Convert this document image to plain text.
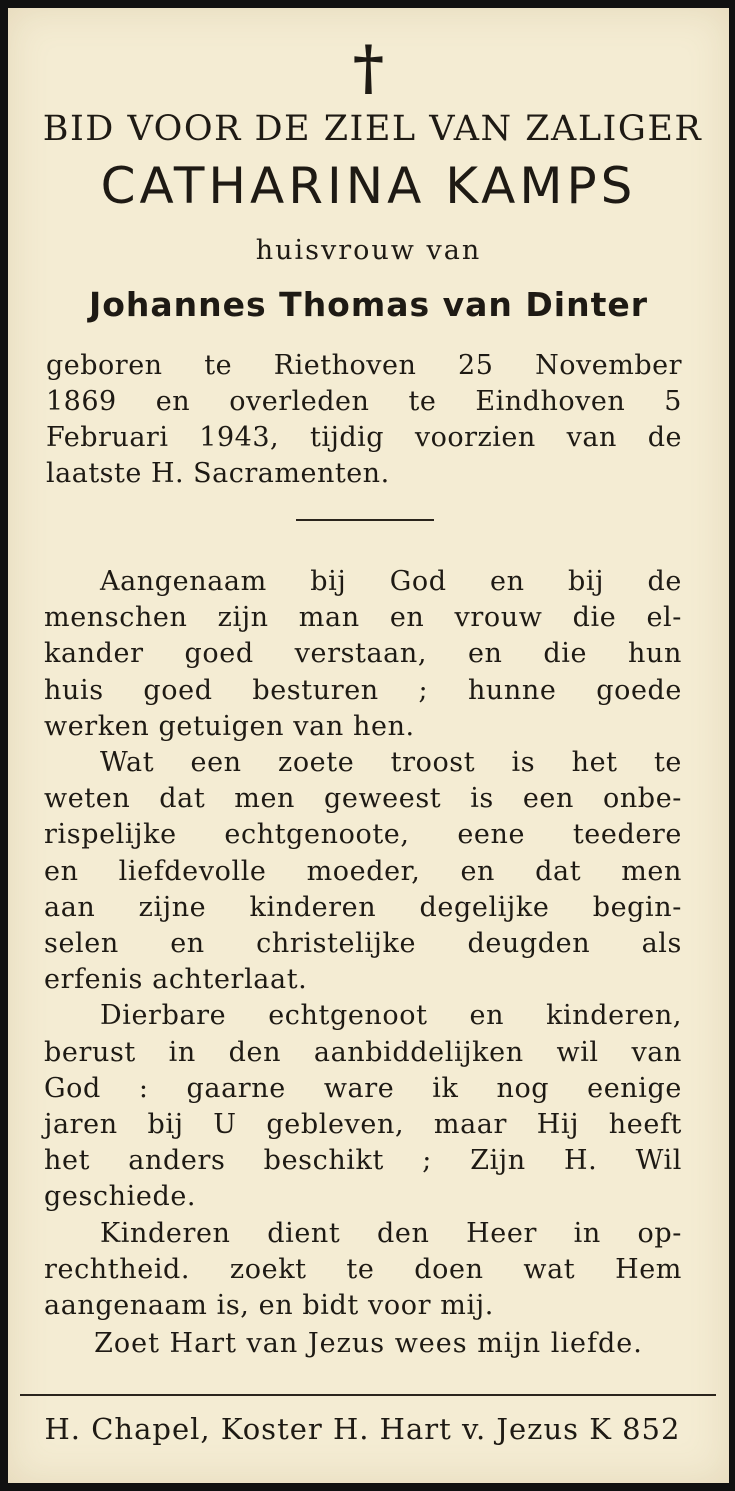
†
BID VOOR DE ZIEL VAN ZALIGER
CATHARINA KAMPS
huisvrouw van
Johannes Thomas van Dinter
geboren te Riethoven 25 November
1869 en overleden te Eindhoven 5
Februari 1943, tijdig voorzien van de
laatste H. Sacramenten.
Aangenaam bij God en bij de
menschen zijn man en vrouw die el-
kander goed verstaan, en die hun
huis goed besturen ; hunne goede
werken getuigen van hen.
Wat een zoete troost is het te
weten dat men geweest is een onbe-
rispelijke echtgenoote, eene teedere
en liefdevolle moeder, en dat men
aan zijne kinderen degelijke begin-
selen en christelijke deugden als
erfenis achterlaat.
Dierbare echtgenoot en kinderen,
berust in den aanbiddelijken wil van
God : gaarne ware ik nog eenige
jaren bij U gebleven, maar Hij heeft
het anders beschikt ; Zijn H. Wil
geschiede.
Kinderen dient den Heer in op-
rechtheid. zoekt te doen wat Hem
aangenaam is, en bidt voor mij.
Zoet Hart van Jezus wees mijn liefde.
H. Chapel, Koster H. Hart v. Jezus K 852
